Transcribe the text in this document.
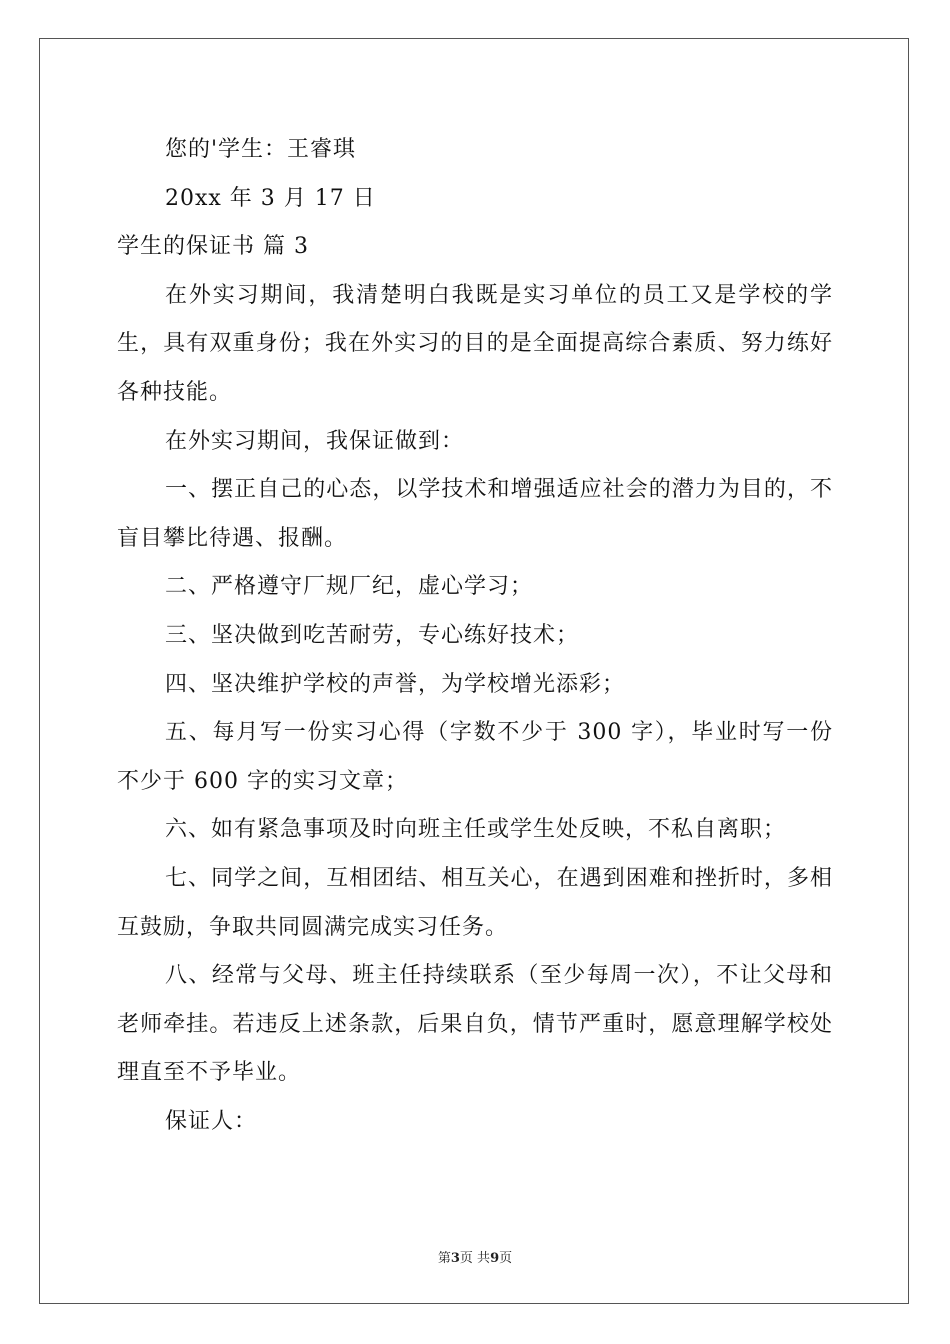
您的'学生：王睿琪
20xx 年 3 月 17 日
学生的保证书 篇 3
在外实习期间，我清楚明白我既是实习单位的员工又是学校的学生，具有双重身份；我在外实习的目的是全面提高综合素质、努力练好各种技能。
在外实习期间，我保证做到：
一、摆正自己的心态，以学技术和增强适应社会的潜力为目的，不盲目攀比待遇、报酬。
二、严格遵守厂规厂纪，虚心学习；
三、坚决做到吃苦耐劳，专心练好技术；
四、坚决维护学校的声誉，为学校增光添彩；
五、每月写一份实习心得（字数不少于 300 字），毕业时写一份不少于 600 字的实习文章；
六、如有紧急事项及时向班主任或学生处反映，不私自离职；
七、同学之间，互相团结、相互关心，在遇到困难和挫折时，多相互鼓励，争取共同圆满完成实习任务。
八、经常与父母、班主任持续联系（至少每周一次），不让父母和老师牵挂。若违反上述条款，后果自负，情节严重时，愿意理解学校处理直至不予毕业。
保证人：
第3页 共9页
